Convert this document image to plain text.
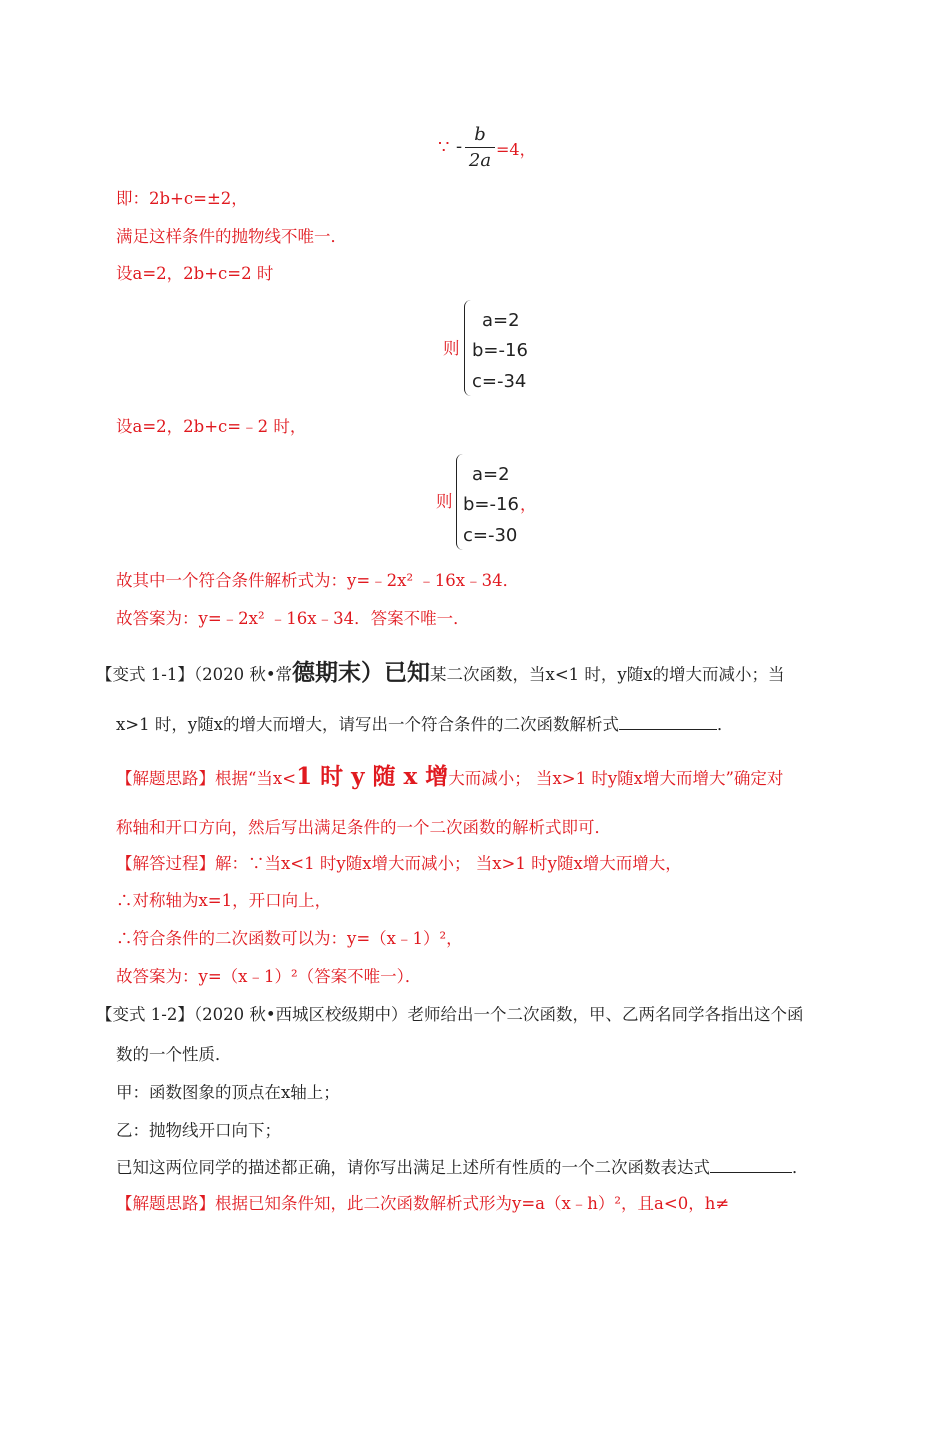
∵ -
b
2a
=4，
即：2b+c=±2，
满足这样条件的抛物线不唯一．
设a=2，2b+c=2 时
则
a=2
b=-16
c=-34
设a=2，2b+c=﹣2 时，
则
a=2
b=-16 ，
c=-30
故其中一个符合条件解析式为：y=﹣2x² ﹣16x﹣34．
故答案为：y=﹣2x² ﹣16x﹣34．答案不唯一．
【变式 1-1】（2020 秋•常德期末）已知某二次函数，当x<1 时，y随x的增大而减小；当
x>1 时，y随x的增大而增大，请写出一个符合条件的二次函数解析式	．
【解题思路】根据“当x<1 时 y 随 x 增大而减小； 当x>1 时y随x增大而增大”确定对
称轴和开口方向，然后写出满足条件的一个二次函数的解析式即可．
【解答过程】解：∵当x<1 时y随x增大而减小； 当x>1 时y随x增大而增大，
∴对称轴为x=1，开口向上，
∴符合条件的二次函数可以为：y=（x﹣1）²，
故答案为：y=（x﹣1）²（答案不唯一）．
【变式 1-2】（2020 秋•西城区校级期中）老师给出一个二次函数，甲、乙两名同学各指出这个函
数的一个性质．
甲：函数图象的顶点在x轴上；
乙：抛物线开口向下；
已知这两位同学的描述都正确，请你写出满足上述所有性质的一个二次函数表达式	．
【解题思路】根据已知条件知，此二次函数解析式形为y=a（x﹣h）²，且a<0，h≠
